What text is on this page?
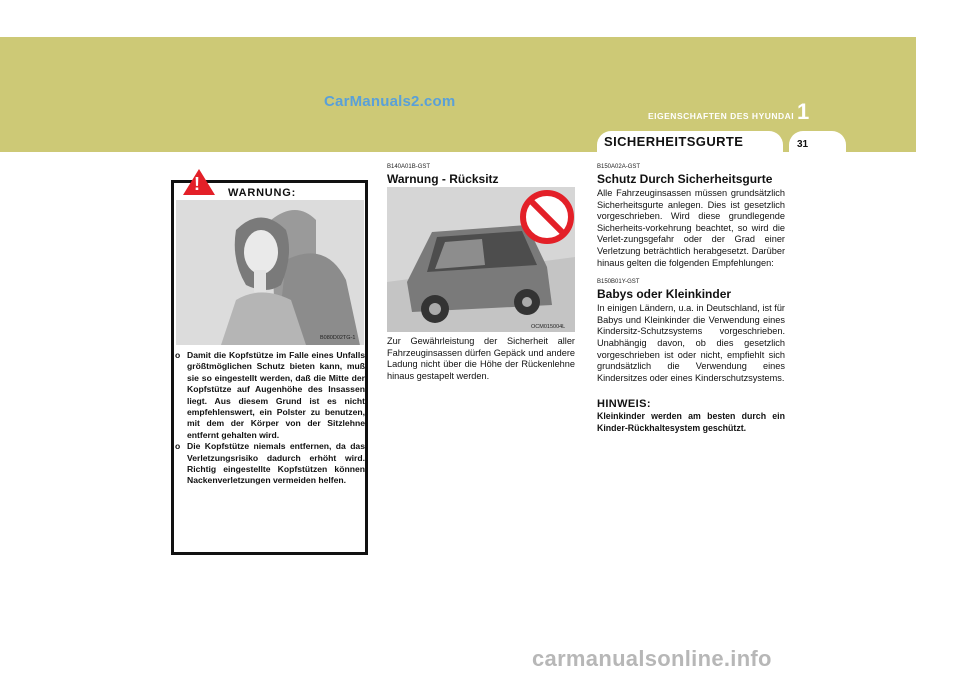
CarManuals2.com
EIGENSCHAFTEN DES HYUNDAI 1
SICHERHEITSGURTE	31
!	WARNUNG:
B080D02TG-1

o Damit die Kopfstütze im Falle eines Unfalls größtmöglichen Schutz bieten kann, muß sie so eingestellt werden, daß die Mitte der Kopfstütze auf Augenhöhe des Insassen liegt. Aus diesem Grund ist es nicht empfehlenswert, ein Polster zu benutzen, mit dem der Körper von der Sitzlehne entfernt gehalten wird.

o Die Kopfstütze niemals entfernen, da das Verletzungsrisiko dadurch erhöht wird. Richtig eingestellte Kopfstützen können Nackenverletzungen vermeiden helfen.

B140A01B-GST

Warnung - Rücksitz

OCM015004L
Zur Gewährleistung der Sicherheit aller Fahrzeuginsassen dürfen Gepäck und andere Ladung nicht über die Höhe der Rückenlehne hinaus gestapelt werden.

B150A02A-GST

Schutz Durch Sicherheitsgurte

Alle Fahrzeuginsassen müssen grundsätzlich Sicherheitsgurte anlegen. Dies ist gesetzlich vorgeschrieben. Wird diese grundlegende Sicherheits-vorkehrung beachtet, so wird die Verlet-zungsgefahr oder der Grad einer Verletzung beträchtlich herabgesetzt. Darüber hinaus gelten die folgenden Empfehlungen:

B150B01Y-GST

Babys oder Kleinkinder

In einigen Ländern, u.a. in Deutschland, ist für Babys und Kleinkinder die Verwendung eines Kindersitz-Schutzsystems vorgeschrieben. Unabhängig davon, ob dies gesetzlich vorgeschrieben ist oder nicht, empfiehlt sich grundsätzlich die Verwendung eines Kindersitzes oder eines Kinderschutzsystems.

HINWEIS:

Kleinkinder werden am besten durch ein Kinder-Rückhaltesystem geschützt.

carmanualsonline.info
